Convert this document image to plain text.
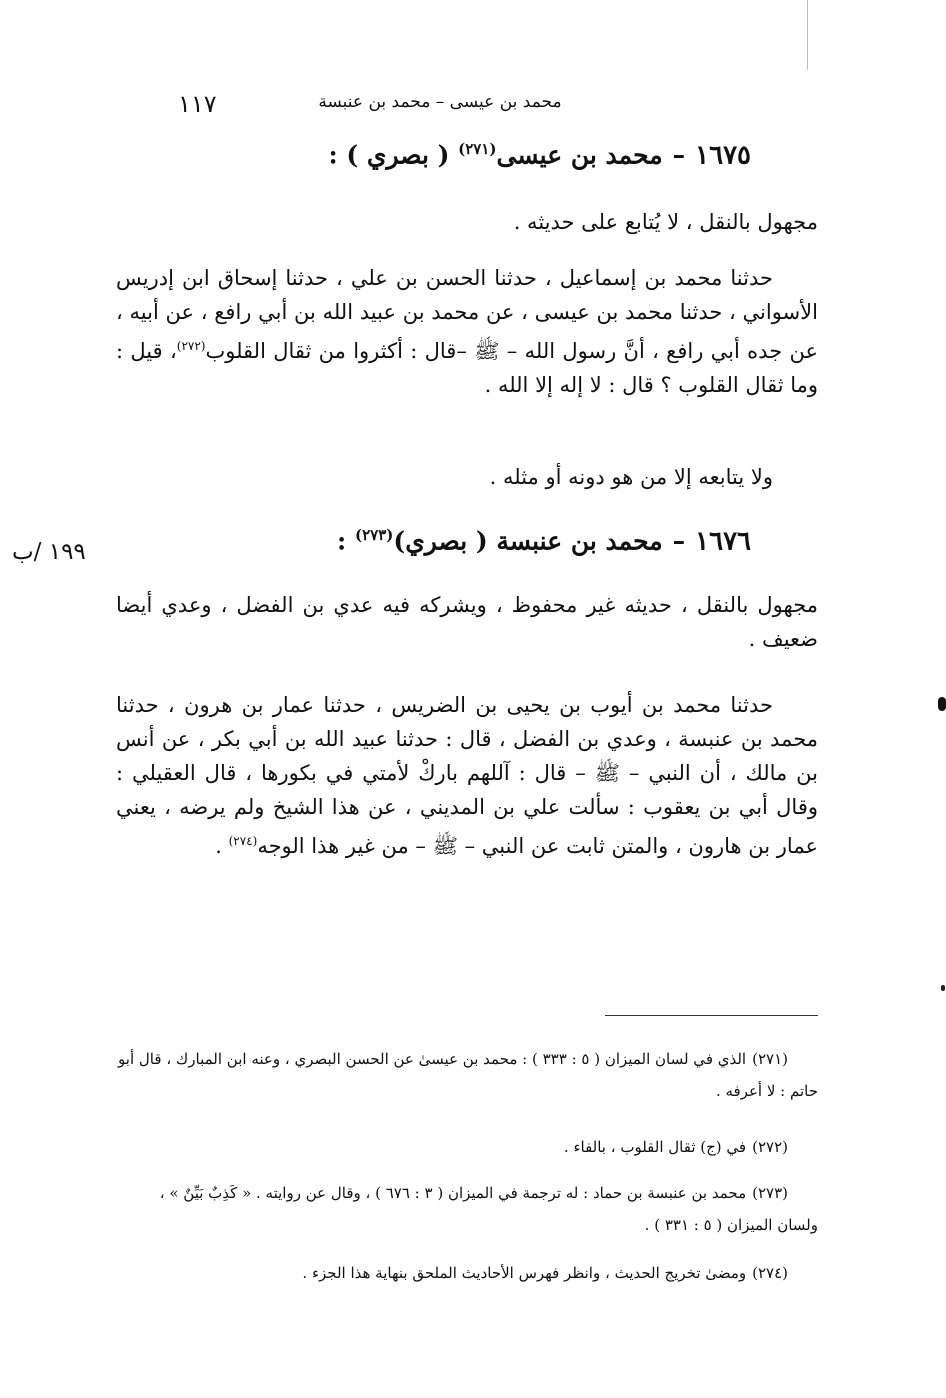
محمد بن عيسى – محمد بن عنبسة
١١٧
١٦٧٥–محمد بن عيسى$^{(٢٧١)}$ ( بصري ) :
مجهول بالنقل ، لا يُتابع على حديثه .
حدثنا محمد بن إسماعيل ، حدثنا الحسن بن علي ، حدثنا إسحاق ابن إدريس الأسواني ، حدثنا محمد بن عيسى ، عن محمد بن عبيد الله بن أبي رافع ، عن أبيه ، عن جده أبي رافع ، أنَّ رسول الله – ﷺ –قال : أكثروا من ثقال القلوب$^{(٢٧٢)}$، قيل : وما ثقال القلوب ؟ قال : لا إله إلا الله .
ولا يتابعه إلا من هو دونه أو مثله .
١٩٩ /ب	١٦٧٦–محمد بن عنبسة ( بصري)$^{(٢٧٣)}$ :
مجهول بالنقل ، حديثه غير محفوظ ، ويشركه فيه عدي بن الفضل ، وعدي أيضا ضعيف .
حدثنا محمد بن أيوب بن يحيى بن الضريس ، حدثنا عمار بن هرون ، حدثنا محمد بن عنبسة ، وعدي بن الفضل ، قال : حدثنا عبيد الله بن أبي بكر ، عن أنس بن مالك ، أن النبي – ﷺ – قال : آللهم باركْ لأمتي في بكورها ، قال العقيلي : وقال أبي بن يعقوب : سألت علي بن المديني ، عن هذا الشيخ ولم يرضه ، يعني عمار بن هارون ، والمتن ثابت عن النبي – ﷺ – من غير هذا الوجه$^{(٢٧٤)}$ .
(٢٧١)الذي في لسان الميزان ( ٥ : ٣٣٣ ) : محمد بن عيسىٰ عن الحسن البصري ، وعنه ابن المبارك ، قال أبو حاتم : لا أعرفه .
(٢٧٢)في (ج) ثقال القلوب ، بالفاء .
(٢٧٣)محمد بن عنبسة بن حماد : له ترجمة في الميزان ( ٣ : ٦٧٦ ) ، وقال عن روايته . « كَذِبٌ بَيِّنٌ » ، ولسان الميزان ( ٥ : ٣٣١ ) .
(٢٧٤)ومضىٰ تخريج الحديث ، وانظر فهرس الأحاديث الملحق بنهاية هذا الجزء .
